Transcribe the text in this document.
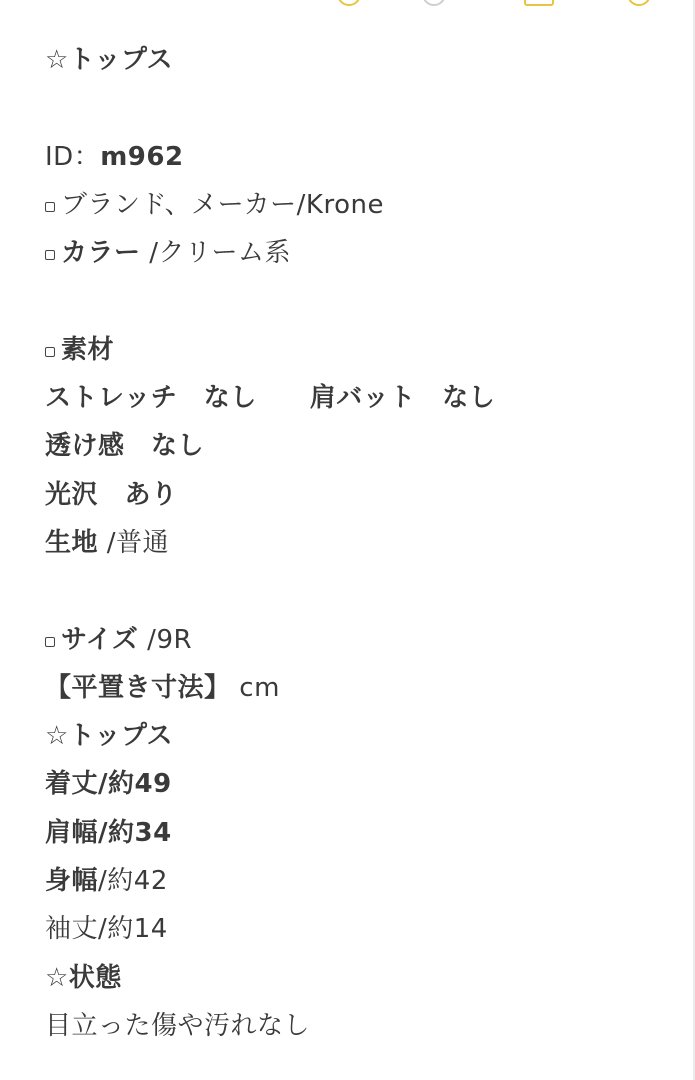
☆トップス
ID：m962
ブランド、メーカー/Krone
カラー /クリーム系
素材
ストレッチ　なし　　肩バット　なし
透け感　なし
光沢　あり
生地 /普通
サイズ /9R
【平置き寸法】 cm
☆トップス
着丈/約49
肩幅/約34
身幅/約42
袖丈/約14
☆状態
目立った傷や汚れなし
